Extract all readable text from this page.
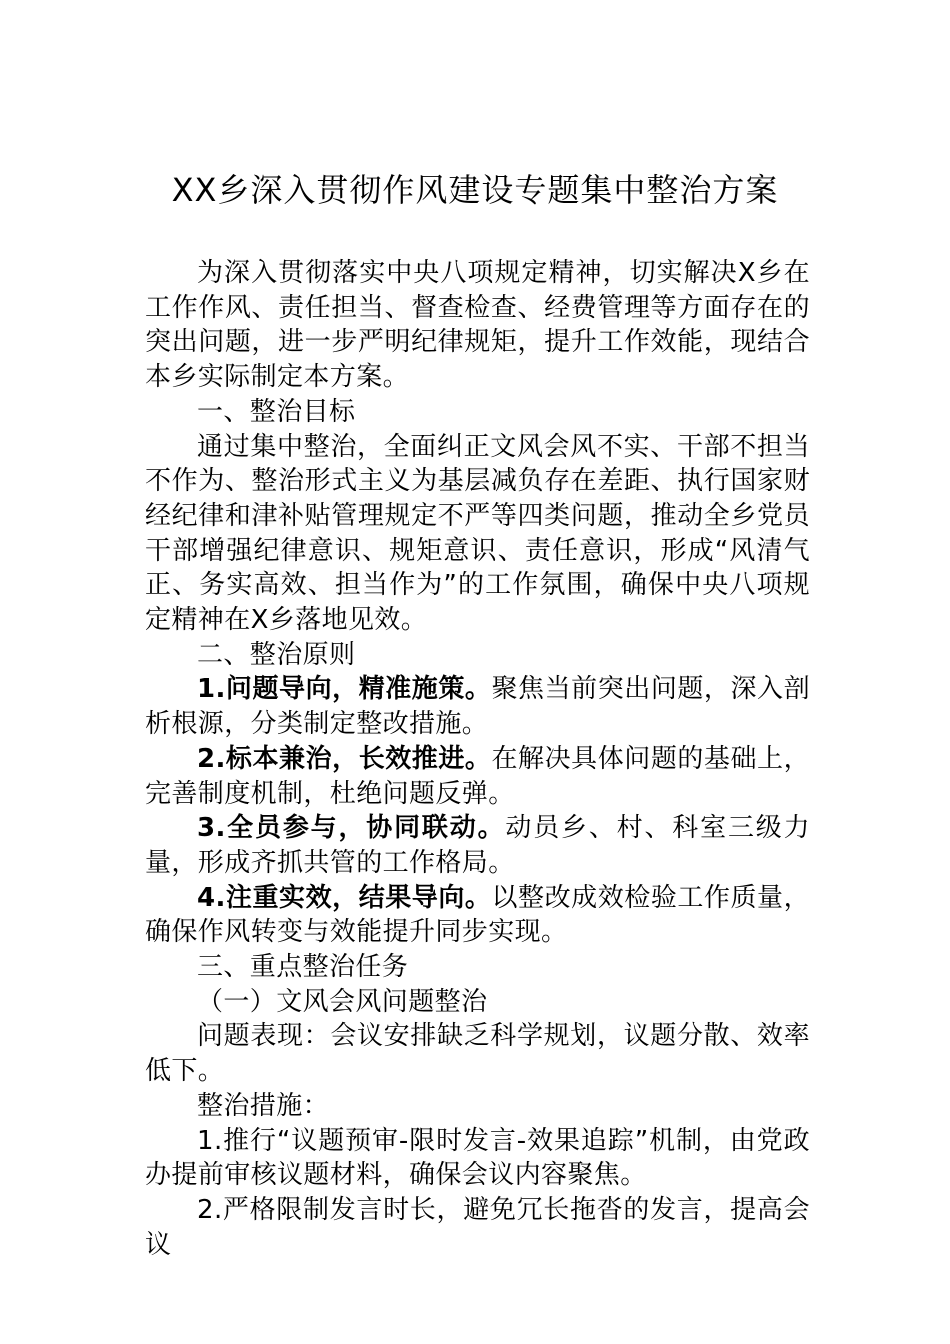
XX乡深入贯彻作风建设专题集中整治方案

为深入贯彻落实中央八项规定精神，切实解决X乡在工作作风、责任担当、督查检查、经费管理等方面存在的突出问题，进一步严明纪律规矩，提升工作效能，现结合本乡实际制定本方案。

一、整治目标

通过集中整治，全面纠正文风会风不实、干部不担当不作为、整治形式主义为基层减负存在差距、执行国家财经纪律和津补贴管理规定不严等四类问题，推动全乡党员干部增强纪律意识、规矩意识、责任意识，形成“风清气正、务实高效、担当作为”的工作氛围，确保中央八项规定精神在X乡落地见效。

二、整治原则

1.问题导向，精准施策。聚焦当前突出问题，深入剖析根源，分类制定整改措施。

2.标本兼治，长效推进。在解决具体问题的基础上，完善制度机制，杜绝问题反弹。

3.全员参与，协同联动。动员乡、村、科室三级力量，形成齐抓共管的工作格局。

4.注重实效，结果导向。以整改成效检验工作质量，确保作风转变与效能提升同步实现。

三、重点整治任务

（一）文风会风问题整治

问题表现：会议安排缺乏科学规划，议题分散、效率低下。

整治措施：

1.推行“议题预审-限时发言-效果追踪”机制，由党政办提前审核议题材料，确保会议内容聚焦。

2.严格限制发言时长，避免冗长拖沓的发言，提高会议
